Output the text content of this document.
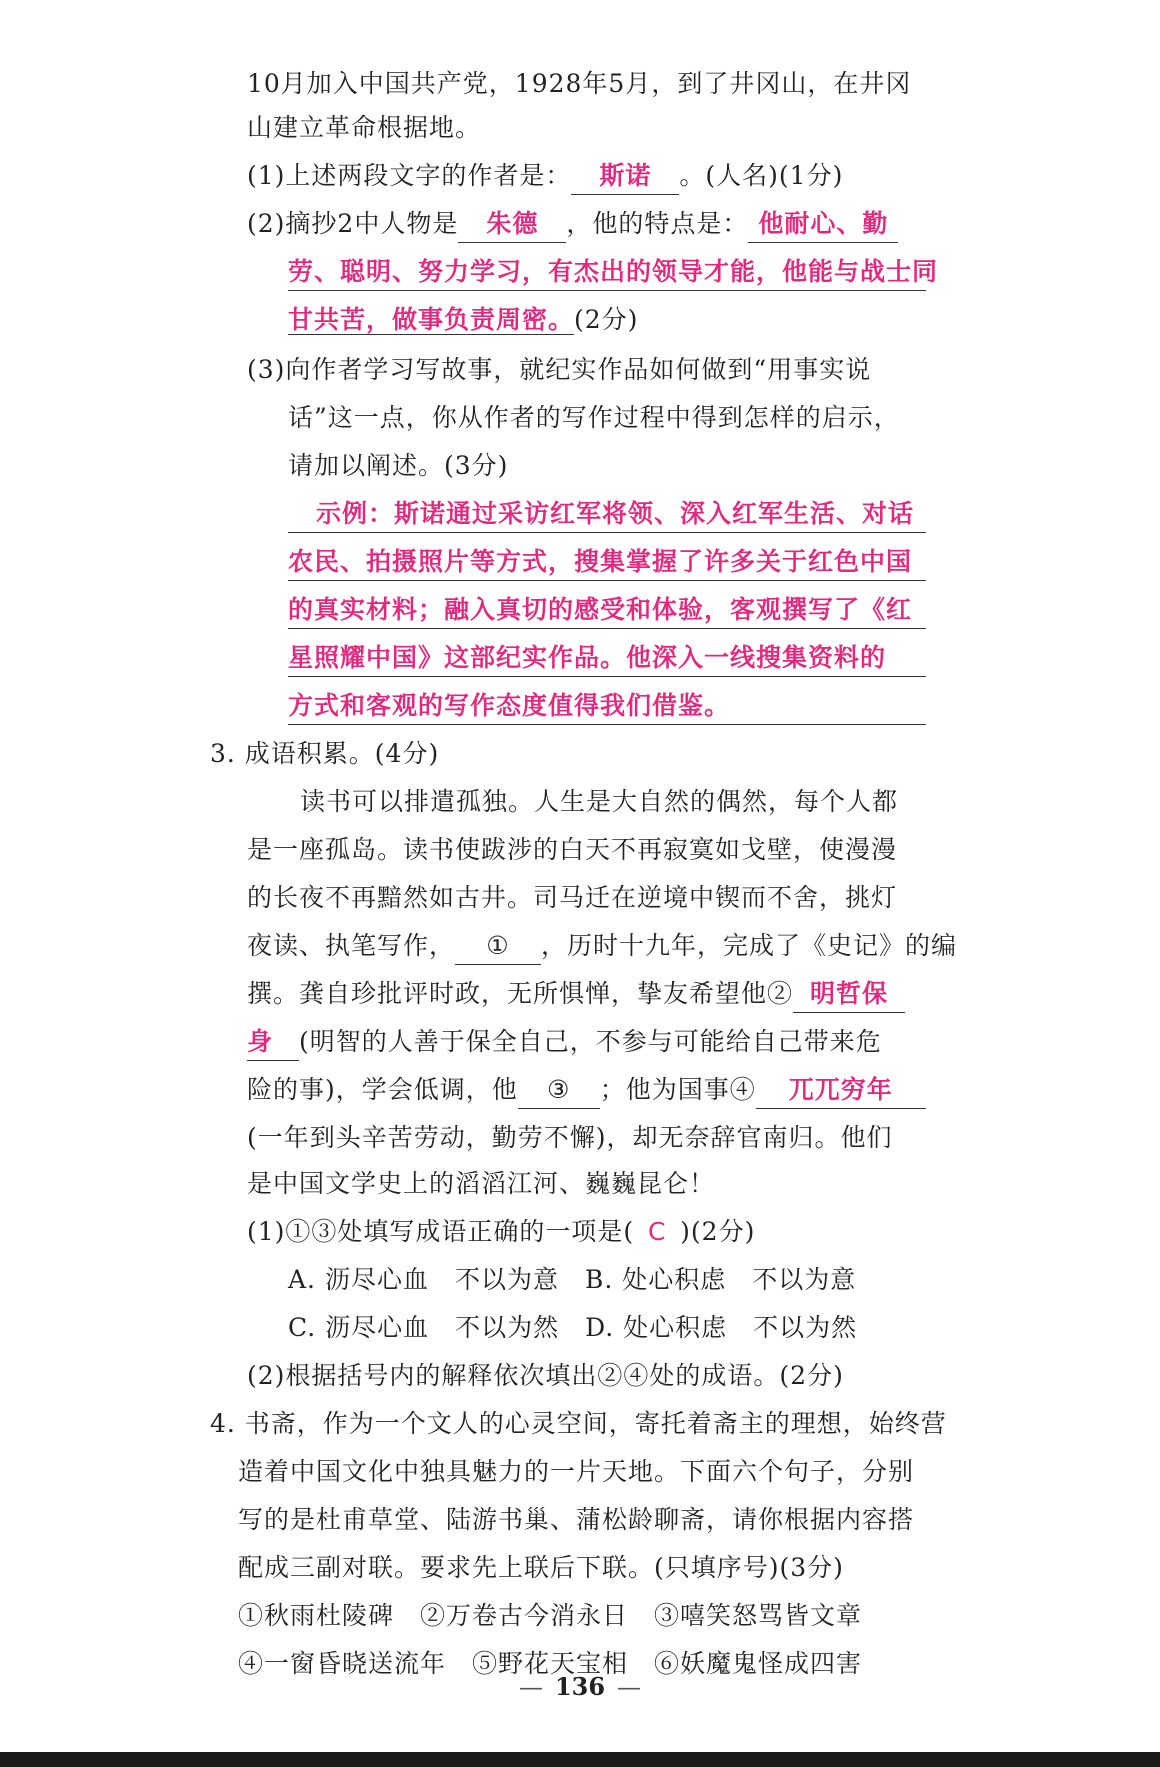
10月加入中国共产党，1928年5月，到了井冈山，在井冈
山建立革命根据地。
(1)上述两段文字的作者是： 斯诺 。(人名)(1分)
(2)摘抄2中人物是 朱德 ，他的特点是： 他耐心、勤
劳、聪明、努力学习，有杰出的领导才能，他能与战士同
甘共苦，做事负责周密。(2分)
(3)向作者学习写故事，就纪实作品如何做到“用事实说
话”这一点，你从作者的写作过程中得到怎样的启示，
请加以阐述。(3分)
示例：斯诺通过采访红军将领、深入红军生活、对话
农民、拍摄照片等方式，搜集掌握了许多关于红色中国
的真实材料；融入真切的感受和体验，客观撰写了《红
星照耀中国》这部纪实作品。他深入一线搜集资料的
方式和客观的写作态度值得我们借鉴。
3. 成语积累。(4分)
读书可以排遣孤独。人生是大自然的偶然，每个人都
是一座孤岛。读书使跋涉的白天不再寂寞如戈壁，使漫漫
的长夜不再黯然如古井。司马迁在逆境中锲而不舍，挑灯
夜读、执笔写作， ① ，历时十九年，完成了《史记》的编
撰。龚自珍批评时政，无所惧惮，挚友希望他② 明哲保
身 (明智的人善于保全自己，不参与可能给自己带来危
险的事)，学会低调，他 ③ ；他为国事④ 兀兀穷年
(一年到头辛苦劳动，勤劳不懈)，却无奈辞官南归。他们
是中国文学史上的滔滔江河、巍巍昆仑！
(1)①③处填写成语正确的一项是( C )(2分)
A. 沥尽心血　不以为意　B. 处心积虑　不以为意
C. 沥尽心血　不以为然　D. 处心积虑　不以为然
(2)根据括号内的解释依次填出②④处的成语。(2分)
4. 书斋，作为一个文人的心灵空间，寄托着斋主的理想，始终营
造着中国文化中独具魅力的一片天地。下面六个句子，分别
写的是杜甫草堂、陆游书巢、蒲松龄聊斋，请你根据内容搭
配成三副对联。要求先上联后下联。(只填序号)(3分)
①秋雨杜陵碑　②万卷古今消永日　③嘻笑怒骂皆文章
④一窗昏晓送流年　⑤野花天宝相　⑥妖魔鬼怪成四害
— 136 —
